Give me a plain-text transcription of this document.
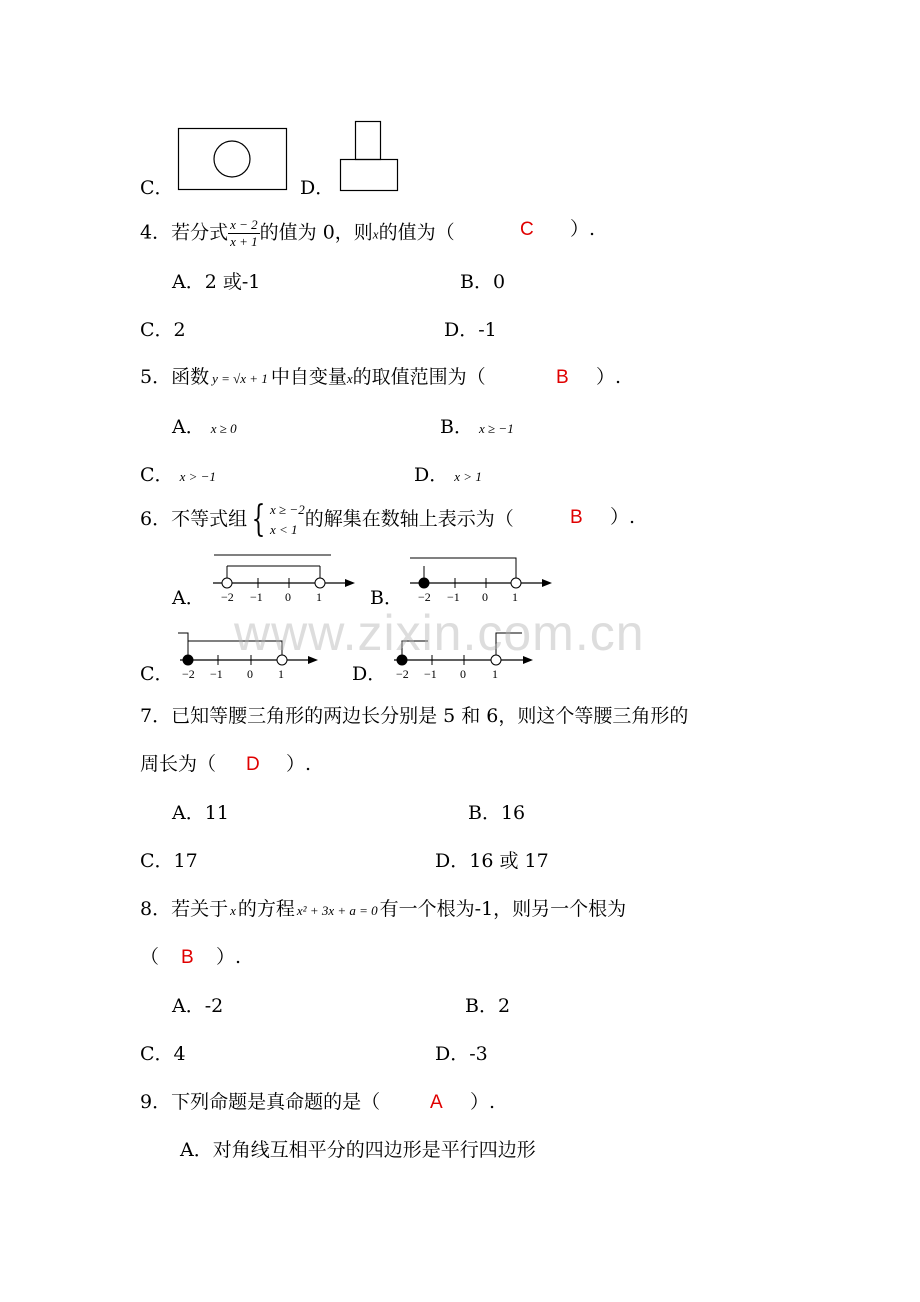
C．	D．
4．若分式 $\frac{x - 2}{x + 1}$ 的值为 0，则x的值为（	C ）.
A．2 或-1	B．0
C．2	D．-1
5．函数 y = √x + 1 中自变量x的取值范围为（	B ）.
A． x ≥ 0	B． x ≥ −1
C． x > −1	D． x > 1
6．不等式组 { x ≥ −2
x < 1 的解集在数轴上表示为（	B ）.
A．	B．
C．	D．
−2 −1 0 1	−2 −1 0 1
−2 −1 0 1	−2 −1 0 1
www.zixin.com.cn
7．已知等腰三角形的两边长分别是 5 和 6，则这个等腰三角形的
周长为（ D ）.
A．11	B．16
C．17	D．16 或 17
8．若关于 x 的方程 x² + 3x + a = 0 有一个根为-1，则另一个根为
（ B ）.
A．-2	B．2
C．4	D．-3
9．下列命题是真命题的是（	A ）.
A．对角线互相平分的四边形是平行四边形
